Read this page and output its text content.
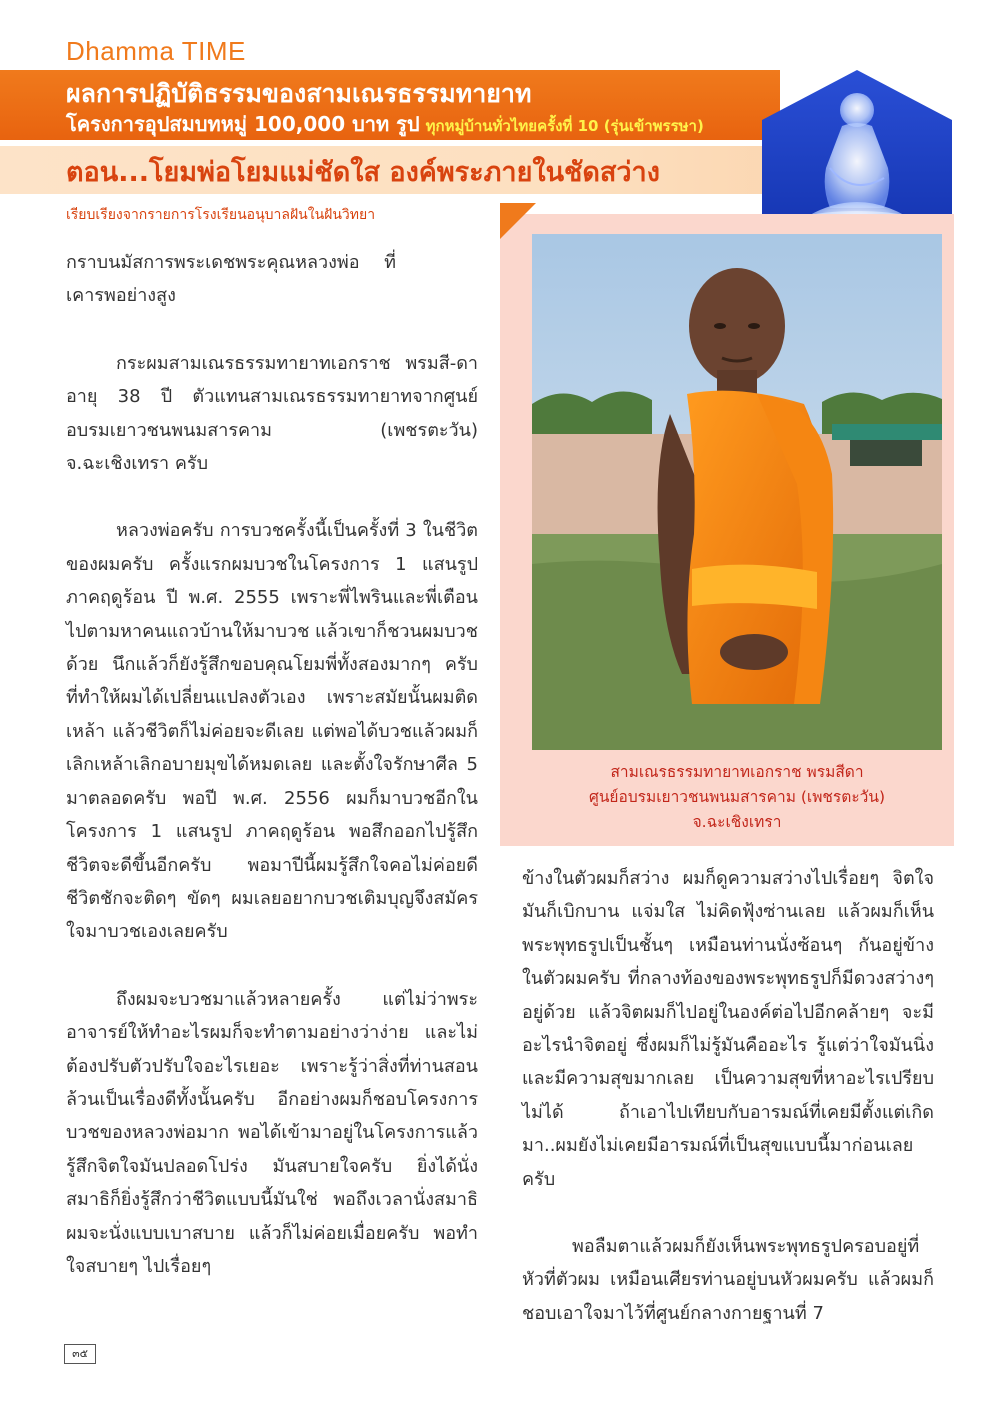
Dhamma TIME
ผลการปฏิบัติธรรมของสามเณรธรรมทายาท
โครงการอุปสมบทหมู่ 100,000 บาท รูป ทุกหมู่บ้านทั่วไทยครั้งที่ 10 (รุ่นเข้าพรรษา)
ตอน...โยมพ่อโยมแม่ชัดใส องค์พระภายในชัดสว่าง
เรียบเรียงจากรายการโรงเรียนอนุบาลฝันในฝันวิทยา
สามเณรธรรมทายาทเอกราช พรมสีดา
ศูนย์อบรมเยาวชนพนมสารคาม (เพชรตะวัน)
จ.ฉะเชิงเทรา

กราบนมัสการพระเดชพระคุณหลวงพ่อ ที่เคารพอย่างสูง

กระผมสามเณรธรรมทายาทเอกราช พรมสี-ดา อายุ 38 ปี ตัวแทนสามเณรธรรมทายาทจากศูนย์อบรมเยาวชนพนมสารคาม (เพชรตะวัน) จ.ฉะเชิงเทรา ครับ

หลวงพ่อครับ การบวชครั้งนี้เป็นครั้งที่ 3 ในชีวิตของผมครับ ครั้งแรกผมบวชในโครงการ 1 แสนรูป ภาคฤดูร้อน ปี พ.ศ. 2555 เพราะพี่ไพรินและพี่เตือนไปตามหาคนแถวบ้านให้มาบวช แล้วเขาก็ชวนผมบวชด้วย นึกแล้วก็ยังรู้สึกขอบคุณโยมพี่ทั้งสองมากๆ ครับ ที่ทำให้ผมได้เปลี่ยนแปลงตัวเอง เพราะสมัยนั้นผมติดเหล้า แล้วชีวิตก็ไม่ค่อยจะดีเลย แต่พอได้บวชแล้วผมก็เลิกเหล้าเลิกอบายมุขได้หมดเลย และตั้งใจรักษาศีล 5 มาตลอดครับ พอปี พ.ศ. 2556 ผมก็มาบวชอีกในโครงการ 1 แสนรูป ภาคฤดูร้อน พอสึกออกไปรู้สึกชีวิตจะดีขึ้นอีกครับ พอมาปีนี้ผมรู้สึกใจคอไม่ค่อยดีชีวิตชักจะติดๆ ขัดๆ ผมเลยอยากบวชเติมบุญจึงสมัครใจมาบวชเองเลยครับ

ถึงผมจะบวชมาแล้วหลายครั้ง แต่ไม่ว่าพระอาจารย์ให้ทำอะไรผมก็จะทำตามอย่างว่าง่าย และไม่ต้องปรับตัวปรับใจอะไรเยอะ เพราะรู้ว่าสิ่งที่ท่านสอนล้วนเป็นเรื่องดีทั้งนั้นครับ อีกอย่างผมก็ชอบโครงการบวชของหลวงพ่อมาก พอได้เข้ามาอยู่ในโครงการแล้ว รู้สึกจิตใจมันปลอดโปร่ง มันสบายใจครับ ยิ่งได้นั่งสมาธิก็ยิ่งรู้สึกว่าชีวิตแบบนี้มันใช่ พอถึงเวลานั่งสมาธิผมจะนั่งแบบเบาสบาย แล้วก็ไม่ค่อยเมื่อยครับ พอทำใจสบายๆ ไปเรื่อยๆ

ข้างในตัวผมก็สว่าง ผมก็ดูความสว่างไปเรื่อยๆ จิตใจมันก็เบิกบาน แจ่มใส ไม่คิดฟุ้งซ่านเลย แล้วผมก็เห็นพระพุทธรูปเป็นชั้นๆ เหมือนท่านนั่งซ้อนๆ กันอยู่ข้างในตัวผมครับ ที่กลางท้องของพระพุทธรูปก็มีดวงสว่างๆ อยู่ด้วย แล้วจิตผมก็ไปอยู่ในองค์ต่อไปอีกคล้ายๆ จะมีอะไรนำจิตอยู่ ซึ่งผมก็ไม่รู้มันคืออะไร รู้แต่ว่าใจมันนิ่งและมีความสุขมากเลย เป็นความสุขที่หาอะไรเปรียบไม่ได้ ถ้าเอาไปเทียบกับอารมณ์ที่เคยมีตั้งแต่เกิดมา..ผมยังไม่เคยมีอารมณ์ที่เป็นสุขแบบนี้มาก่อนเลยครับ

พอลืมตาแล้วผมก็ยังเห็นพระพุทธรูปครอบอยู่ที่หัวที่ตัวผม เหมือนเศียรท่านอยู่บนหัวผมครับ แล้วผมก็ชอบเอาใจมาไว้ที่ศูนย์กลางกายฐานที่ 7

๓๕
